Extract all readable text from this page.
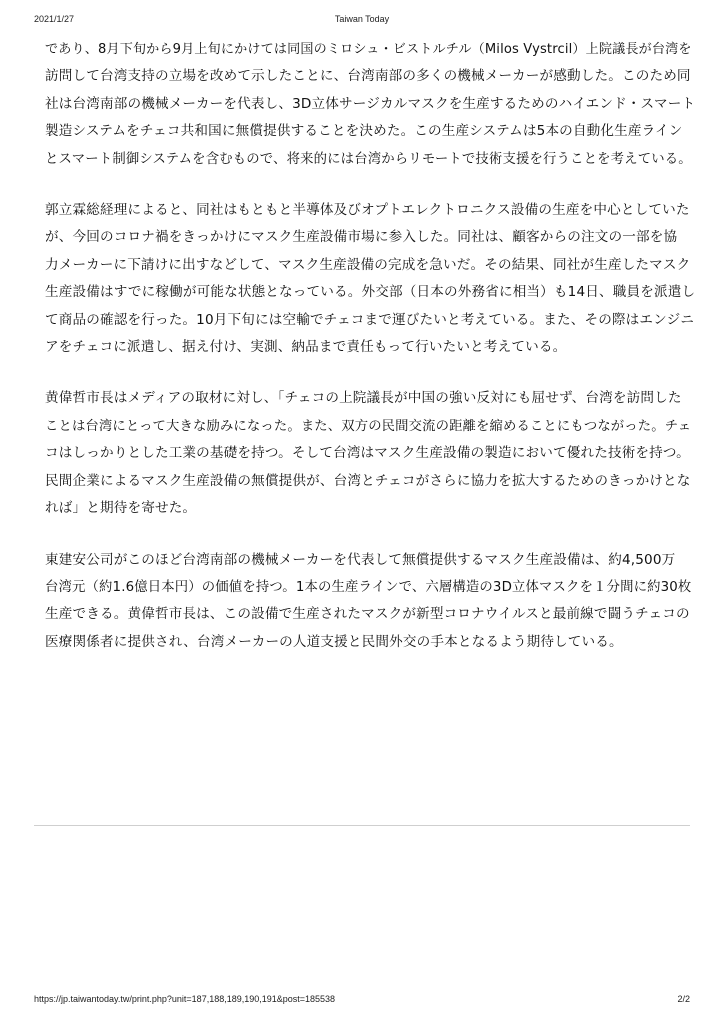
2021/1/27	Taiwan Today

であり、8月下旬から9月上旬にかけては同国のミロシュ・ビストルチル（Milos Vystrcil）上院議長が台湾を
訪問して台湾支持の立場を改めて示したことに、台湾南部の多くの機械メーカーが感動した。このため同
社は台湾南部の機械メーカーを代表し、3D立体サージカルマスクを生産するためのハイエンド・スマート
製造システムをチェコ共和国に無償提供することを決めた。この生産システムは5本の自動化生産ライン
とスマート制御システムを含むもので、将来的には台湾からリモートで技術支援を行うことを考えている。

郭立霖総経理によると、同社はもともと半導体及びオプトエレクトロニクス設備の生産を中心としていた
が、今回のコロナ禍をきっかけにマスク生産設備市場に参入した。同社は、顧客からの注文の一部を協
力メーカーに下請けに出すなどして、マスク生産設備の完成を急いだ。その結果、同社が生産したマスク
生産設備はすでに稼働が可能な状態となっている。外交部（日本の外務省に相当）も14日、職員を派遣し
て商品の確認を行った。10月下旬には空輸でチェコまで運びたいと考えている。また、その際はエンジニ
アをチェコに派遣し、据え付け、実測、納品まで責任もって行いたいと考えている。

黄偉哲市長はメディアの取材に対し、「チェコの上院議長が中国の強い反対にも屈せず、台湾を訪問した
ことは台湾にとって大きな励みになった。また、双方の民間交流の距離を縮めることにもつながった。チェ
コはしっかりとした工業の基礎を持つ。そして台湾はマスク生産設備の製造において優れた技術を持つ。
民間企業によるマスク生産設備の無償提供が、台湾とチェコがさらに協力を拡大するためのきっかけとな
れば」と期待を寄せた。

東建安公司がこのほど台湾南部の機械メーカーを代表して無償提供するマスク生産設備は、約4,500万
台湾元（約1.6億日本円）の価値を持つ。1本の生産ラインで、六層構造の3D立体マスクを１分間に約30枚
生産できる。黄偉哲市長は、この設備で生産されたマスクが新型コロナウイルスと最前線で闘うチェコの
医療関係者に提供され、台湾メーカーの人道支援と民間外交の手本となるよう期待している。

https://jp.taiwantoday.tw/print.php?unit=187,188,189,190,191&post=185538	2/2
